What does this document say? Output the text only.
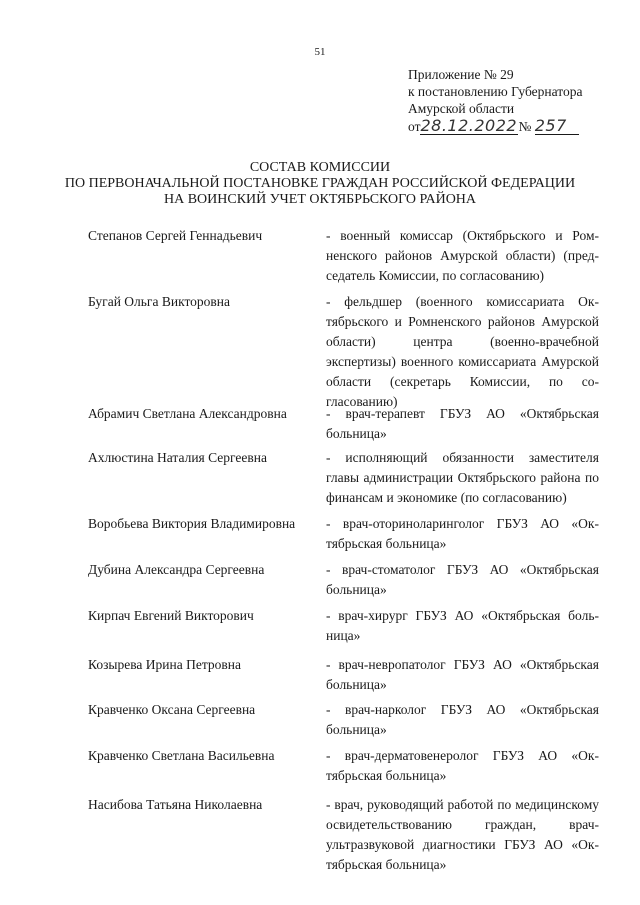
51
Приложение № 29
к постановлению Губернатора
Амурской области
от28.12.2022№ 257
СОСТАВ КОМИССИИ
ПО ПЕРВОНАЧАЛЬНОЙ ПОСТАНОВКЕ ГРАЖДАН РОССИЙСКОЙ ФЕДЕРАЦИИ
НА ВОИНСКИЙ УЧЕТ ОКТЯБРЬСКОГО РАЙОНА
Степанов Сергей Геннадьевич	- военный комиссар (Октябрьского и Ромненского районов Амурской области) (председатель Комиссии, по согласованию)
Бугай Ольга Викторовна	- фельдшер (военного комиссариата Октябрьского и Ромненского районов Амурской области) центра (военно-врачебной экспертизы) военного комиссариата Амурской области (секретарь Комиссии, по согласованию)
Абрамич Светлана Александровна	- врач-терапевт ГБУЗ АО «Октябрьская больница»
Ахлюстина Наталия Сергеевна	- исполняющий обязанности заместителя главы администрации Октябрьского района по финансам и экономике (по согласованию)
Воробьева Виктория Владимировна	- врач-оториноларинголог ГБУЗ АО «Октябрьская больница»
Дубина Александра Сергеевна	- врач-стоматолог ГБУЗ АО «Октябрьская больница»
Кирпач Евгений Викторович	- врач-хирург ГБУЗ АО «Октябрьская больница»
Козырева Ирина Петровна	- врач-невропатолог ГБУЗ АО «Октябрьская больница»
Кравченко Оксана Сергеевна	- врач-нарколог ГБУЗ АО «Октябрьская больница»
Кравченко Светлана Васильевна	- врач-дерматовенеролог ГБУЗ АО «Октябрьская больница»
Насибова Татьяна Николаевна	- врач, руководящий работой по медицинскому освидетельствованию граждан, врач-ультразвуковой диагностики ГБУЗ АО «Октябрьская больница»
